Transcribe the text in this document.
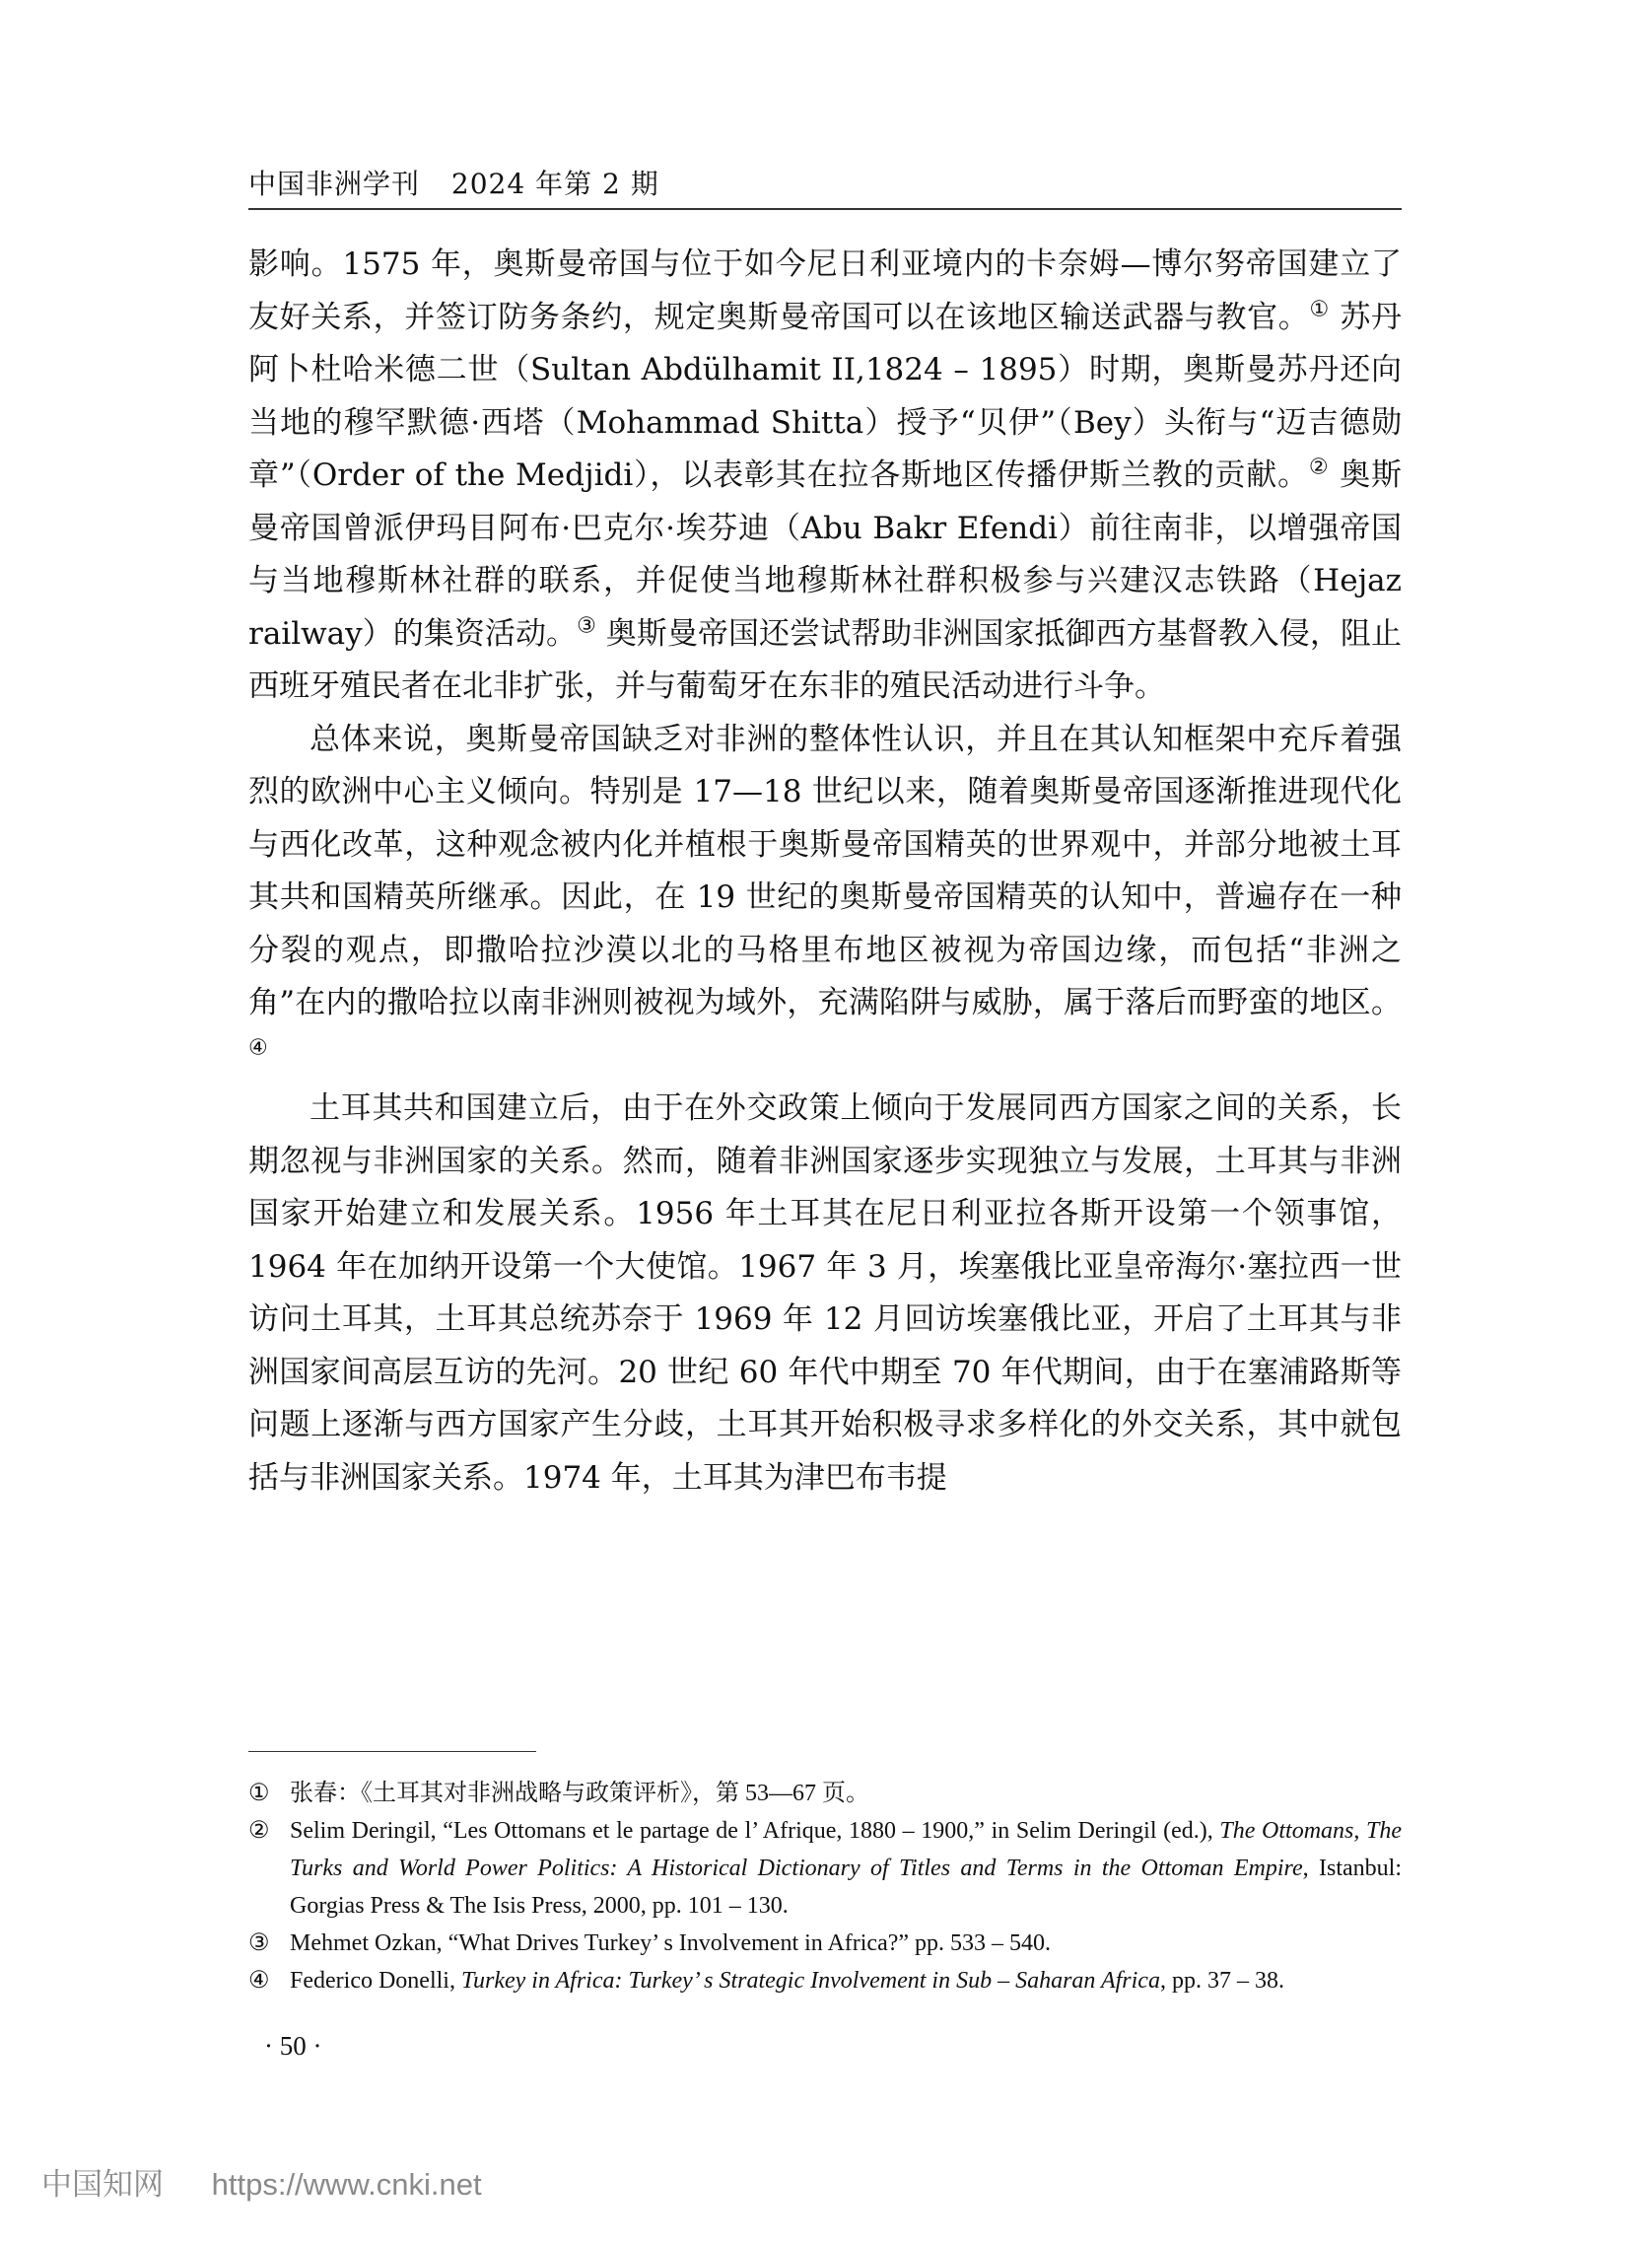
中国非洲学刊 2024 年第 2 期

影响。1575 年，奥斯曼帝国与位于如今尼日利亚境内的卡奈姆—博尔努帝国建立了友好关系，并签订防务条约，规定奥斯曼帝国可以在该地区输送武器与教官。① 苏丹阿卜杜哈米德二世（Sultan Abdülhamit II,1824 – 1895）时期，奥斯曼苏丹还向当地的穆罕默德·西塔（Mohammad Shitta）授予“贝伊”（Bey）头衔与“迈吉德勋章”（Order of the Medjidi），以表彰其在拉各斯地区传播伊斯兰教的贡献。② 奥斯曼帝国曾派伊玛目阿布·巴克尔·埃芬迪（Abu Bakr Efendi）前往南非，以增强帝国与当地穆斯林社群的联系，并促使当地穆斯林社群积极参与兴建汉志铁路（Hejaz railway）的集资活动。③ 奥斯曼帝国还尝试帮助非洲国家抵御西方基督教入侵，阻止西班牙殖民者在北非扩张，并与葡萄牙在东非的殖民活动进行斗争。

总体来说，奥斯曼帝国缺乏对非洲的整体性认识，并且在其认知框架中充斥着强烈的欧洲中心主义倾向。特别是 17—18 世纪以来，随着奥斯曼帝国逐渐推进现代化与西化改革，这种观念被内化并植根于奥斯曼帝国精英的世界观中，并部分地被土耳其共和国精英所继承。因此，在 19 世纪的奥斯曼帝国精英的认知中，普遍存在一种分裂的观点，即撒哈拉沙漠以北的马格里布地区被视为帝国边缘，而包括“非洲之角”在内的撒哈拉以南非洲则被视为域外，充满陷阱与威胁，属于落后而野蛮的地区。④

土耳其共和国建立后，由于在外交政策上倾向于发展同西方国家之间的关系，长期忽视与非洲国家的关系。然而，随着非洲国家逐步实现独立与发展，土耳其与非洲国家开始建立和发展关系。1956 年土耳其在尼日利亚拉各斯开设第一个领事馆，1964 年在加纳开设第一个大使馆。1967 年 3 月，埃塞俄比亚皇帝海尔·塞拉西一世访问土耳其，土耳其总统苏奈于 1969 年 12 月回访埃塞俄比亚，开启了土耳其与非洲国家间高层互访的先河。20 世纪 60 年代中期至 70 年代期间，由于在塞浦路斯等问题上逐渐与西方国家产生分歧，土耳其开始积极寻求多样化的外交关系，其中就包括与非洲国家关系。1974 年，土耳其为津巴布韦提

① 张春：《土耳其对非洲战略与政策评析》，第 53—67 页。
② Selim Deringil, “Les Ottomans et le partage de l’ Afrique, 1880 – 1900,” in Selim Deringil (ed.), The Ottomans, The Turks and World Power Politics: A Historical Dictionary of Titles and Terms in the Ottoman Empire, Istanbul: Gorgias Press & The Isis Press, 2000, pp. 101 – 130.
③ Mehmet Ozkan, “What Drives Turkey’ s Involvement in Africa?” pp. 533 – 540.
④ Federico Donelli, Turkey in Africa: Turkey’ s Strategic Involvement in Sub – Saharan Africa, pp. 37 – 38.
· 50 ·
中国知网 https://www.cnki.net
